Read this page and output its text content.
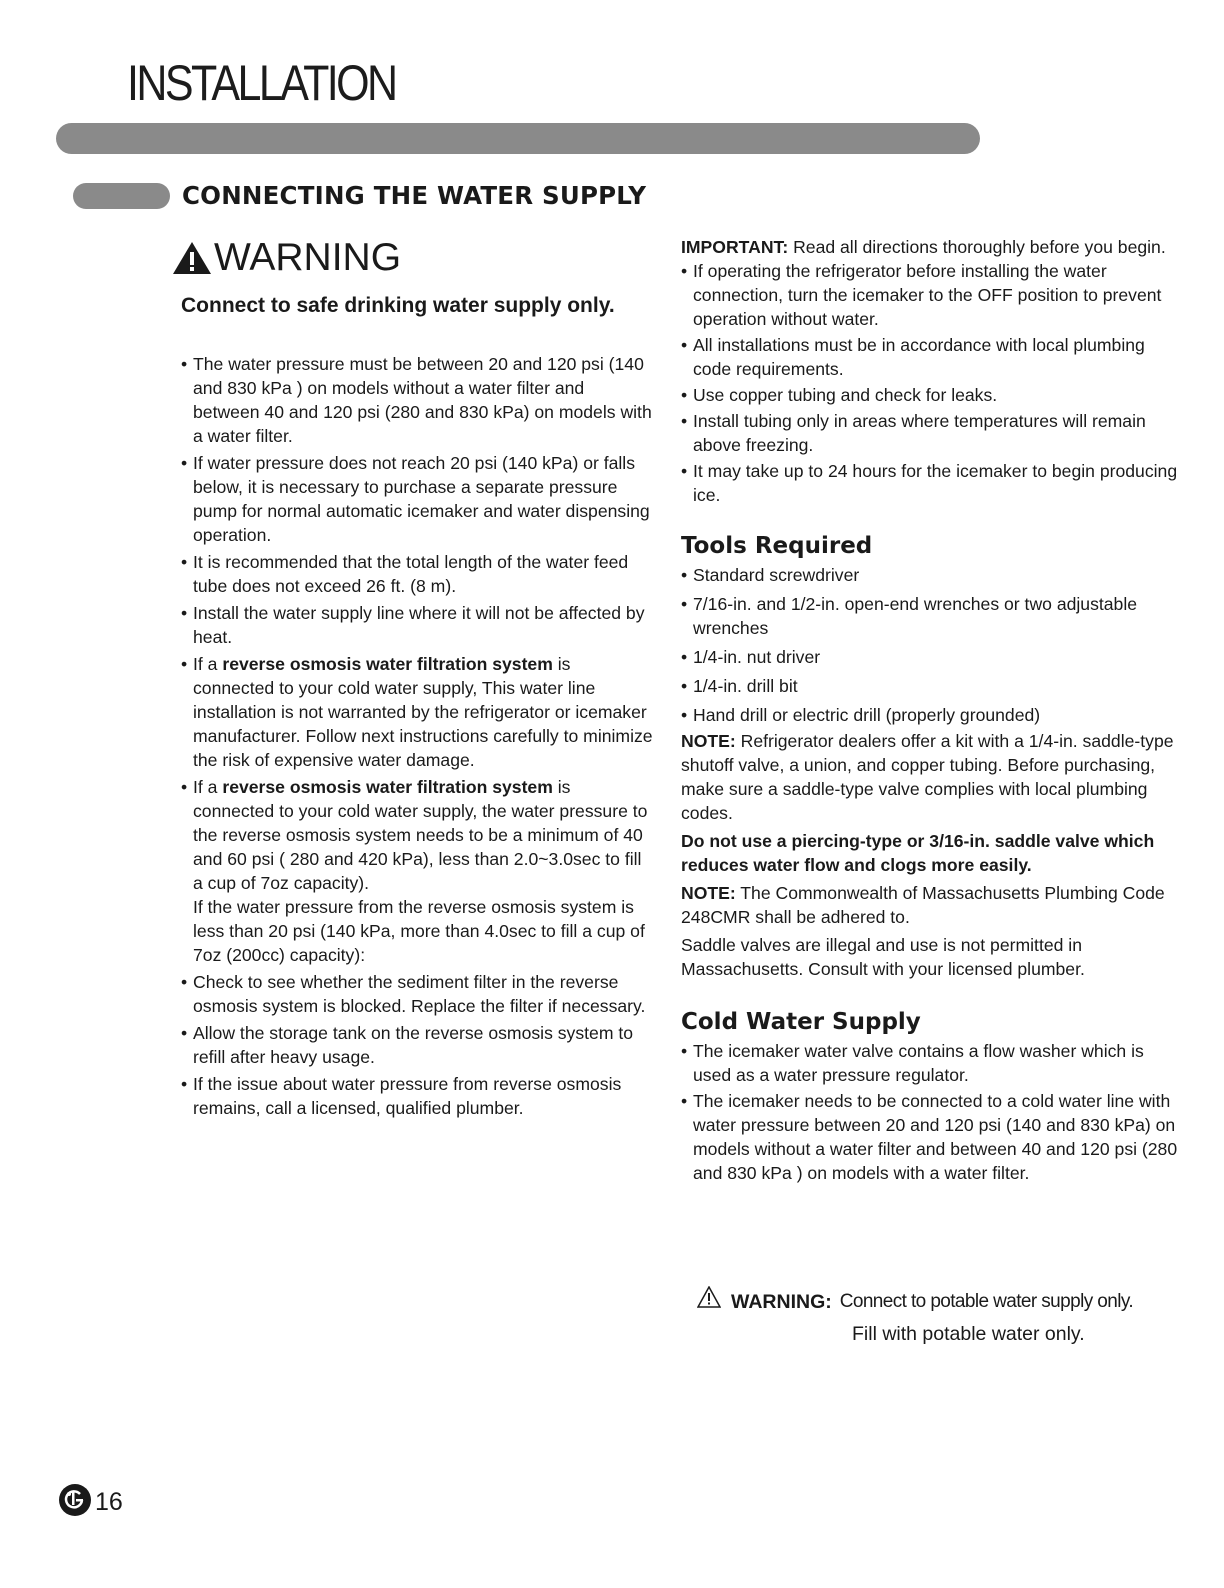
INSTALLATION
CONNECTING THE WATER SUPPLY
WARNING
Connect to safe drinking water supply only.
• The water pressure must be between 20 and 120 psi (140 and 830 kPa ) on models without a water filter and between 40 and 120 psi (280 and 830 kPa) on models with a water filter.
• If water pressure does not reach 20 psi (140 kPa) or falls below, it is necessary to purchase a separate pressure pump for normal automatic icemaker and water dispensing operation.
• It is recommended that the total length of the water feed tube does not exceed 26 ft. (8 m).
• Install the water supply line where it will not be affected by heat.
• If a reverse osmosis water filtration system is connected to your cold water supply, This water line installation is not warranted by the refrigerator or icemaker manufacturer. Follow next instructions carefully to minimize the risk of expensive water damage.
• If a reverse osmosis water filtration system is connected to your cold water supply, the water pressure to the reverse osmosis system needs to be a minimum of 40 and 60 psi ( 280 and 420 kPa), less than 2.0~3.0sec to fill a cup of 7oz capacity).
If the water pressure from the reverse osmosis system is less than 20 psi (140 kPa, more than 4.0sec to fill a cup of 7oz (200cc) capacity):
• Check to see whether the sediment filter in the reverse osmosis system is blocked. Replace the filter if necessary.
• Allow the storage tank on the reverse osmosis system to refill after heavy usage.
• If the issue about water pressure from reverse osmosis remains, call a licensed, qualified plumber.

IMPORTANT: Read all directions thoroughly before you begin.

• If operating the refrigerator before installing the water connection, turn the icemaker to the OFF position to prevent operation without water.
• All installations must be in accordance with local plumbing code requirements.
• Use copper tubing and check for leaks.
• Install tubing only in areas where temperatures will remain above freezing.
• It may take up to 24 hours for the icemaker to begin producing ice.
Tools Required
• Standard screwdriver
• 7/16-in. and 1/2-in. open-end wrenches or two adjustable wrenches
• 1/4-in. nut driver
• 1/4-in. drill bit
• Hand drill or electric drill (properly grounded)

NOTE: Refrigerator dealers offer a kit with a 1/4-in. saddle-type shutoff valve, a union, and copper tubing. Before purchasing, make sure a saddle-type valve complies with local plumbing codes.

Do not use a piercing-type or 3/16-in. saddle valve which reduces water flow and clogs more easily.

NOTE: The Commonwealth of Massachusetts Plumbing Code 248CMR shall be adhered to.

Saddle valves are illegal and use is not permitted in Massachusetts. Consult with your licensed plumber.

Cold Water Supply
• The icemaker water valve contains a flow washer which is used as a water pressure regulator.
• The icemaker needs to be connected to a cold water line with water pressure between 20 and 120 psi (140 and 830 kPa) on models without a water filter and between 40 and 120 psi (280 and 830 kPa ) on models with a water filter.
WARNING: Connect to potable water supply only.
Fill with potable water only.
16
